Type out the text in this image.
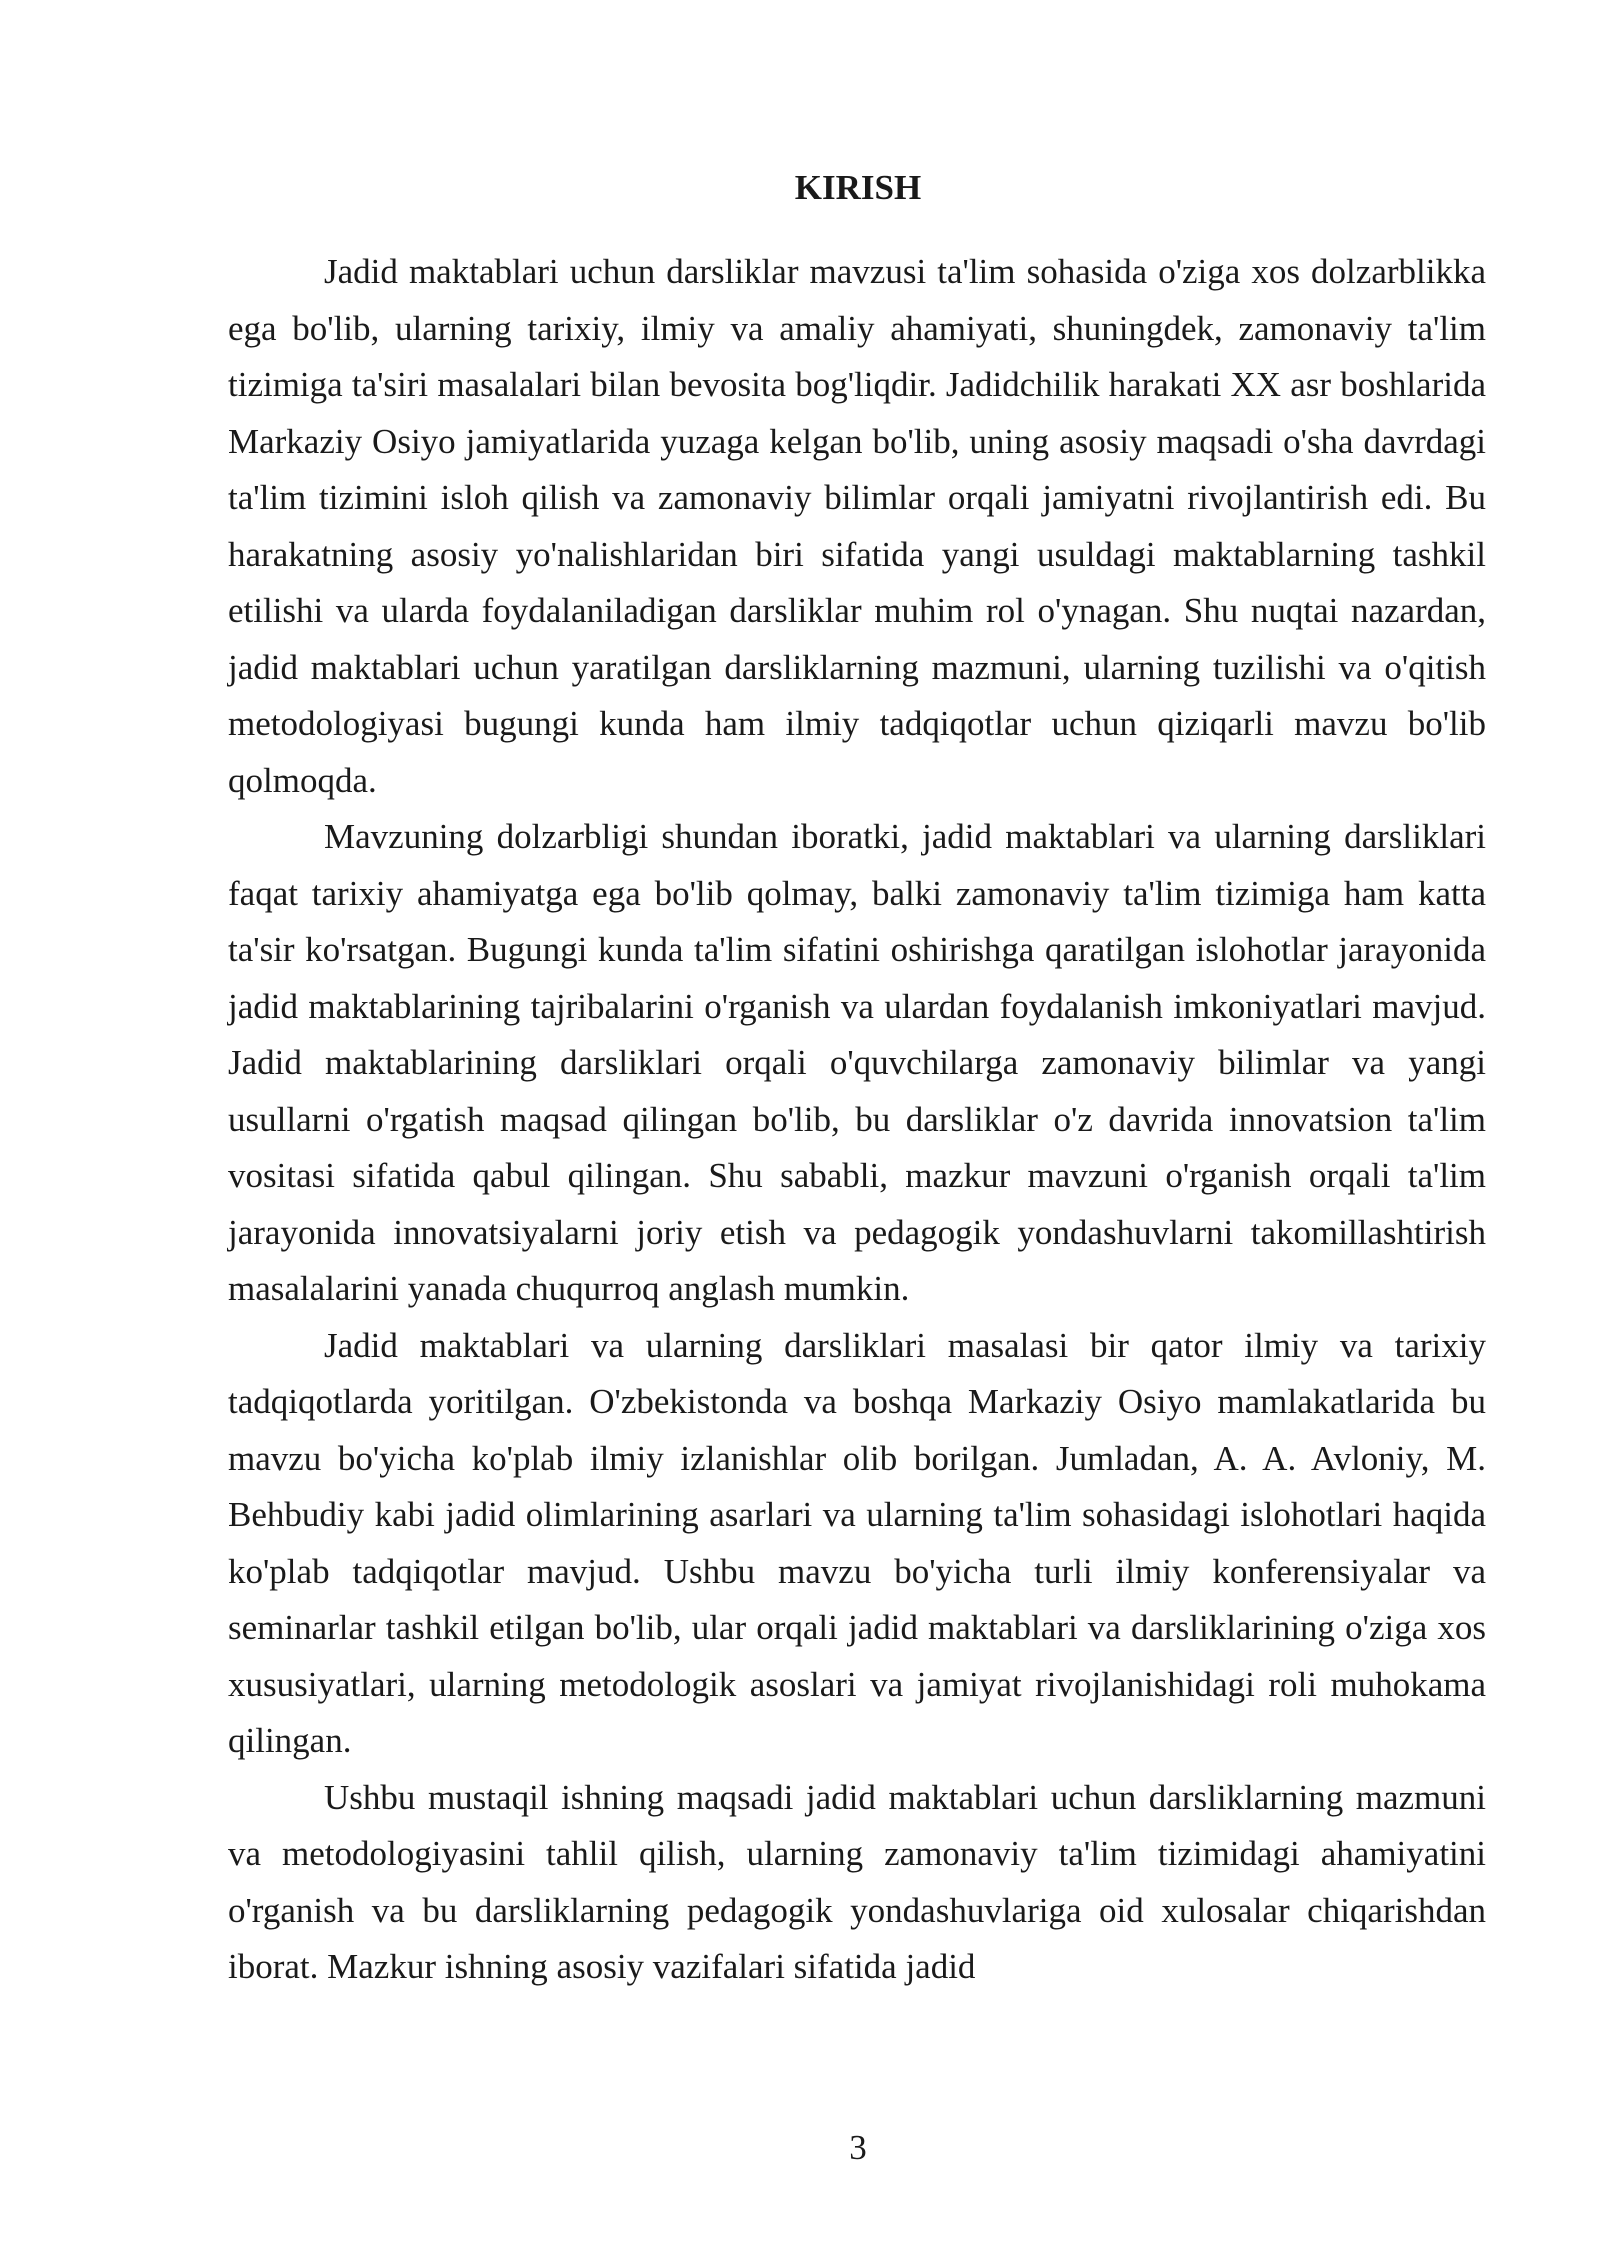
KIRISH

Jadid maktablari uchun darsliklar mavzusi ta'lim sohasida o'ziga xos dolzarblikka ega bo'lib, ularning tarixiy, ilmiy va amaliy ahamiyati, shuningdek, zamonaviy ta'lim tizimiga ta'siri masalalari bilan bevosita bog'liqdir. Jadidchilik harakati XX asr boshlarida Markaziy Osiyo jamiyatlarida yuzaga kelgan bo'lib, uning asosiy maqsadi o'sha davrdagi ta'lim tizimini isloh qilish va zamonaviy bilimlar orqali jamiyatni rivojlantirish edi. Bu harakatning asosiy yo'nalishlaridan biri sifatida yangi usuldagi maktablarning tashkil etilishi va ularda foydalaniladigan darsliklar muhim rol o'ynagan. Shu nuqtai nazardan, jadid maktablari uchun yaratilgan darsliklarning mazmuni, ularning tuzilishi va o'qitish metodologiyasi bugungi kunda ham ilmiy tadqiqotlar uchun qiziqarli mavzu bo'lib qolmoqda.

Mavzuning dolzarbligi shundan iboratki, jadid maktablari va ularning darsliklari faqat tarixiy ahamiyatga ega bo'lib qolmay, balki zamonaviy ta'lim tizimiga ham katta ta'sir ko'rsatgan. Bugungi kunda ta'lim sifatini oshirishga qaratilgan islohotlar jarayonida jadid maktablarining tajribalarini o'rganish va ulardan foydalanish imkoniyatlari mavjud. Jadid maktablarining darsliklari orqali o'quvchilarga zamonaviy bilimlar va yangi usullarni o'rgatish maqsad qilingan bo'lib, bu darsliklar o'z davrida innovatsion ta'lim vositasi sifatida qabul qilingan. Shu sababli, mazkur mavzuni o'rganish orqali ta'lim jarayonida innovatsiyalarni joriy etish va pedagogik yondashuvlarni takomillashtirish masalalarini yanada chuqurroq anglash mumkin.

Jadid maktablari va ularning darsliklari masalasi bir qator ilmiy va tarixiy tadqiqotlarda yoritilgan. O'zbekistonda va boshqa Markaziy Osiyo mamlakatlarida bu mavzu bo'yicha ko'plab ilmiy izlanishlar olib borilgan. Jumladan, A. A. Avloniy, M. Behbudiy kabi jadid olimlarining asarlari va ularning ta'lim sohasidagi islohotlari haqida ko'plab tadqiqotlar mavjud. Ushbu mavzu bo'yicha turli ilmiy konferensiyalar va seminarlar tashkil etilgan bo'lib, ular orqali jadid maktablari va darsliklarining o'ziga xos xususiyatlari, ularning metodologik asoslari va jamiyat rivojlanishidagi roli muhokama qilingan.

Ushbu mustaqil ishning maqsadi jadid maktablari uchun darsliklarning mazmuni va metodologiyasini tahlil qilish, ularning zamonaviy ta'lim tizimidagi ahamiyatini o'rganish va bu darsliklarning pedagogik yondashuvlariga oid xulosalar chiqarishdan iborat. Mazkur ishning asosiy vazifalari sifatida jadid

3
